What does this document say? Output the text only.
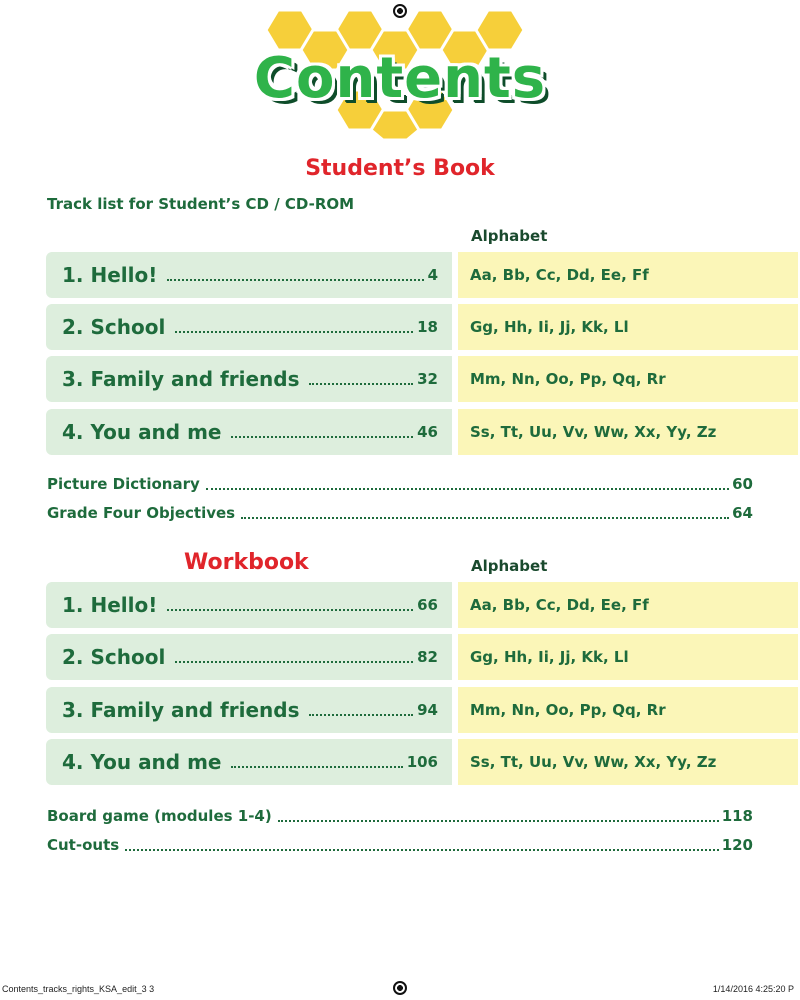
Contents
Student’s Book
Track list for Student’s CD / CD-ROM
Alphabet
1. Hello!	4	Aa, Bb, Cc, Dd, Ee, Ff
2. School	18	Gg, Hh, Ii, Jj, Kk, Ll
3. Family and friends	32	Mm, Nn, Oo, Pp, Qq, Rr
4. You and me	46	Ss, Tt, Uu, Vv, Ww, Xx, Yy, Zz
Picture Dictionary	60
Grade Four Objectives	64
Workbook	Alphabet
1. Hello!	66	Aa, Bb, Cc, Dd, Ee, Ff
2. School	82	Gg, Hh, Ii, Jj, Kk, Ll
3. Family and friends	94	Mm, Nn, Oo, Pp, Qq, Rr
4. You and me	106	Ss, Tt, Uu, Vv, Ww, Xx, Yy, Zz
Board game (modules 1-4)	118
Cut-outs	120
Contents_tracks_rights_KSA_edit_3 3	1/14/2016 4:25:20 P
